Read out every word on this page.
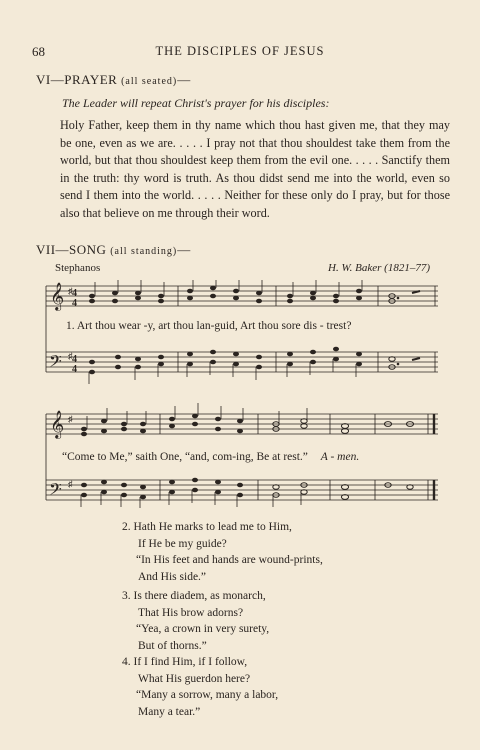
68	THE DISCIPLES OF JESUS
VI—PRAYER (all seated)—
The Leader will repeat Christ's prayer for his disciples:

Holy Father, keep them in thy name which thou hast given me, that they may be one, even as we are. . . . . I pray not that thou shouldest take them from the world, but that thou shouldest keep them from the evil one. . . . . Sanctify them in the truth: thy word is truth. As thou didst send me into the world, even so send I them into the world. . . . . Neither for these only do I pray, but for those also that believe on me through their word.

VII—SONG (all standing)—
Stephanos	H. W. Baker (1821–77)
𝄞
𝄢
♯
♯
4
4
4
4
1. Art thou wear -y, art thou lan-guid, Art thou sore dis - trest?
𝄞
𝄢
♯
♯
“Come to Me,” saith One, “and, com-ing, Be at rest.” A - men.
2. Hath He marks to lead me to Him,
If He be my guide?
“In His feet and hands are wound-prints,
And His side.”
3. Is there diadem, as monarch,
That His brow adorns?
“Yea, a crown in very surety,
But of thorns.”
4. If I find Him, if I follow,
What His guerdon here?
“Many a sorrow, many a labor,
Many a tear.”
